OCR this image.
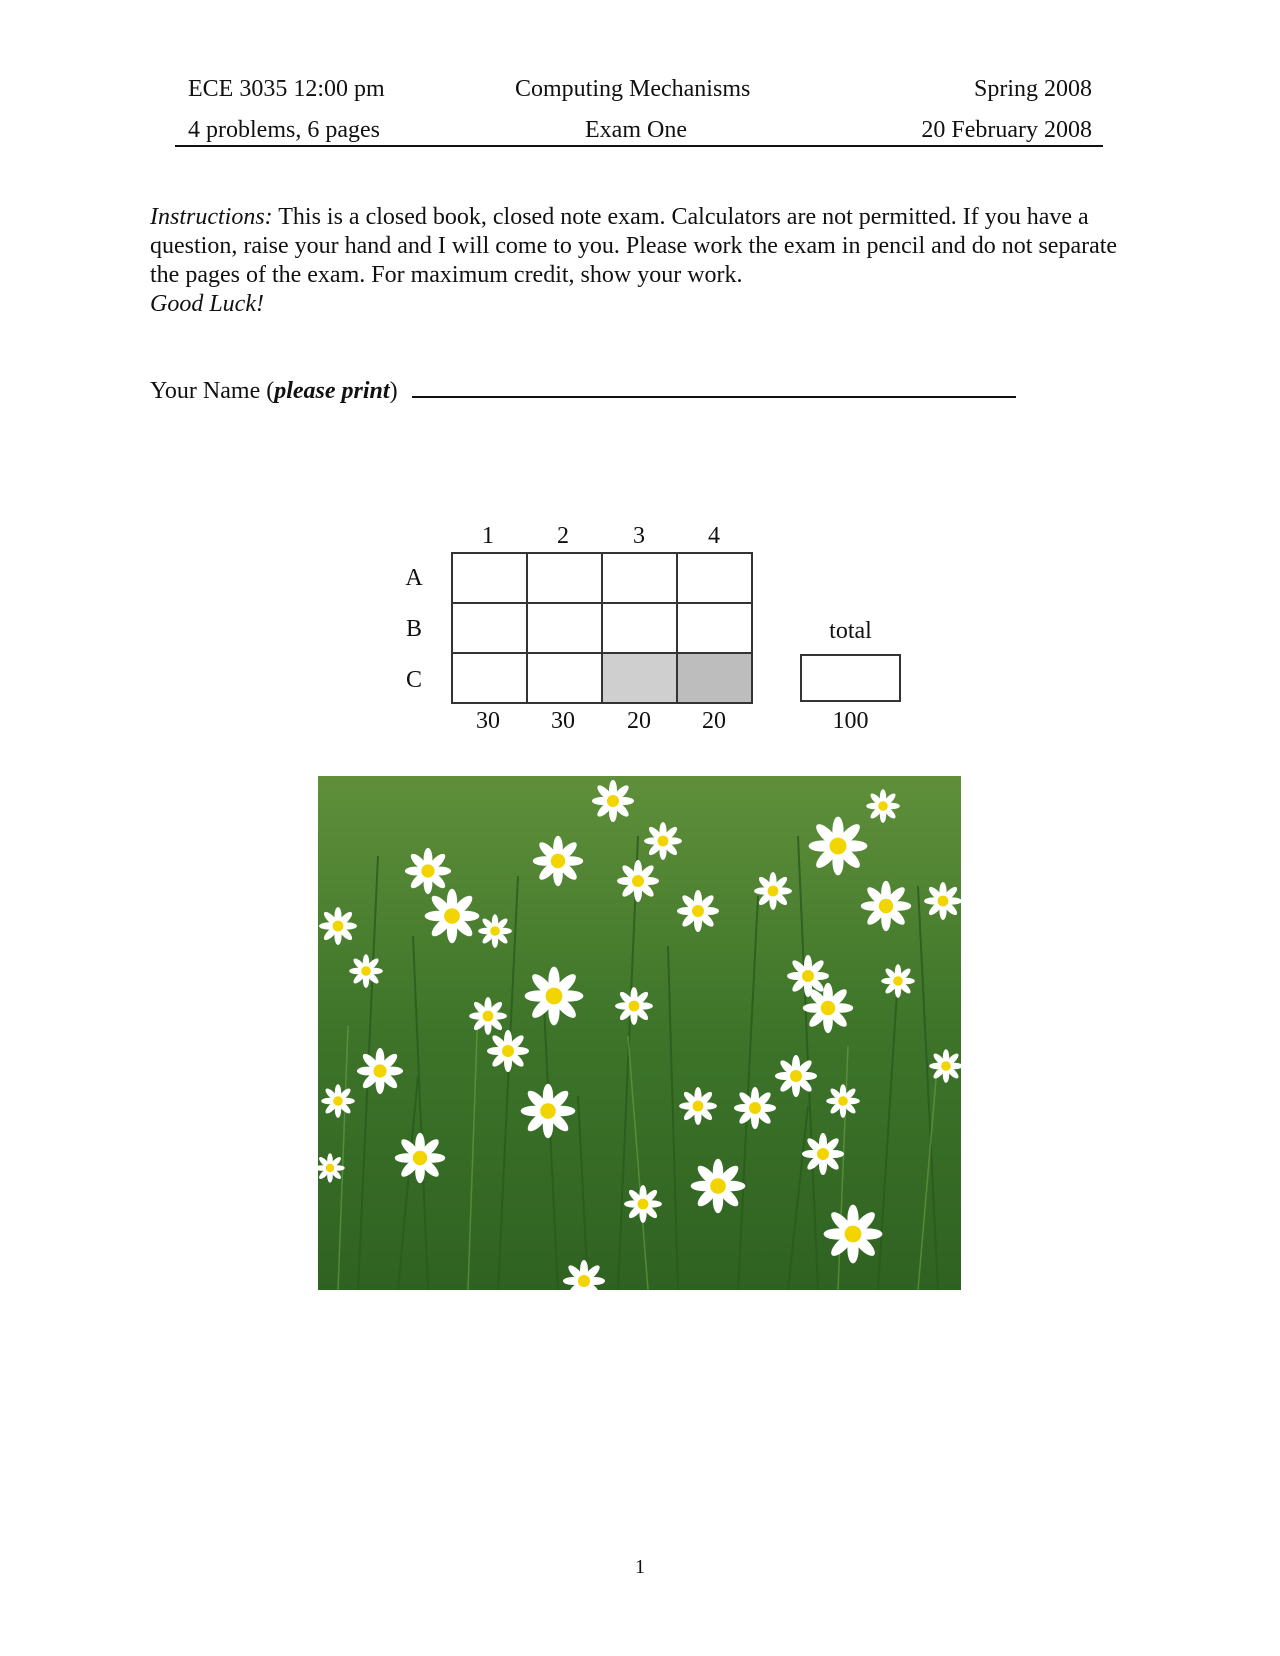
ECE 3035 12:00 pm	Computing Mechanisms	Spring 2008
4 problems, 6 pages	Exam One	20 February 2008
Instructions: This is a closed book, closed note exam. Calculators are not permitted. If you have a question, raise your hand and I will come to you. Please work the exam in pencil and do not separate the pages of the exam. For maximum credit, show your work.
Good Luck!
Your Name (please print)
1	2	3	4
A
B
C

30	30	20	20
total
100
1
